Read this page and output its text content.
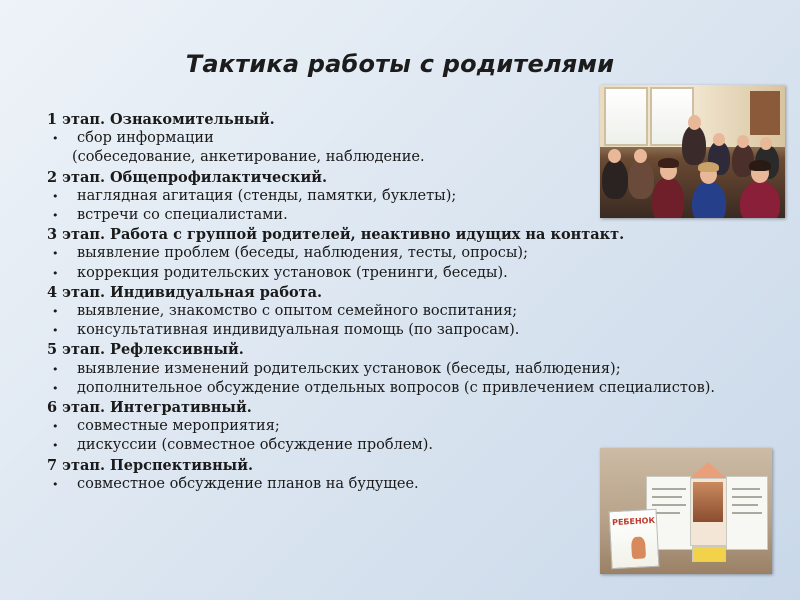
Тактика работы с родителями
1 этап. Ознакомительный.
• сбор информации
(собеседование, анкетирование, наблюдение.
2 этап. Общепрофилактический.
• наглядная агитация (стенды, памятки, буклеты);
• встречи со специалистами.
3 этап. Работа с группой родителей, неактивно идущих на контакт.
• выявление проблем (беседы, наблюдения, тесты, опросы);
• коррекция родительских установок (тренинги, беседы).
4 этап. Индивидуальная работа.
• выявление, знакомство с опытом семейного воспитания;
• консультативная индивидуальная помощь (по запросам).
5 этап. Рефлексивный.
• выявление изменений родительских установок (беседы, наблюдения);
• дополнительное обсуждение отдельных вопросов (с привлечением специалистов).
6 этап. Интегративный.
• совместные мероприятия;
• дискуссии (совместное обсуждение проблем).
7 этап. Перспективный.
• совместное обсуждение планов на будущее.
РЕБЕНОК
